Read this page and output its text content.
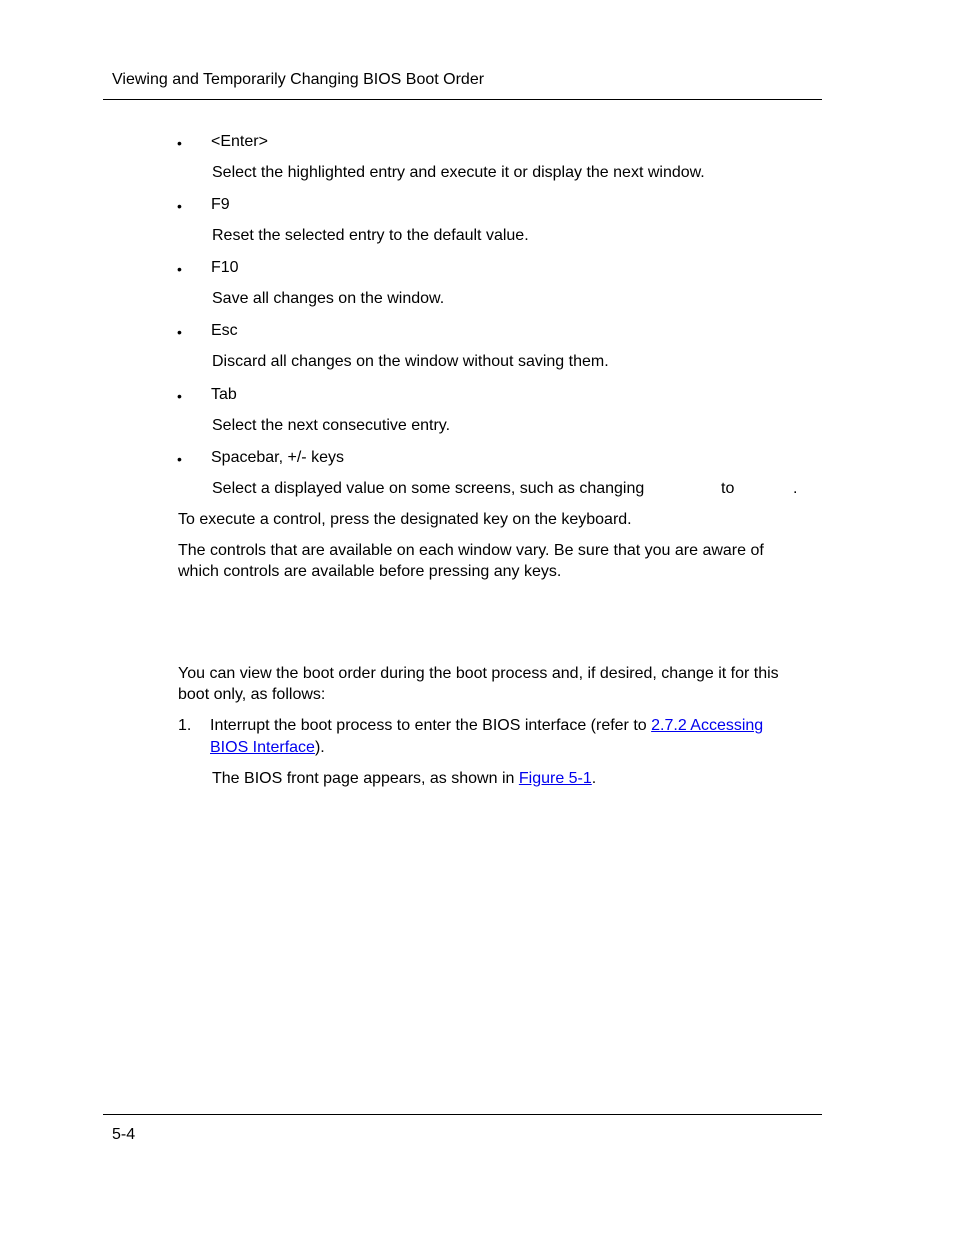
Viewing and Temporarily Changing BIOS Boot Order
• <Enter>
Select the highlighted entry and execute it or display the next window.
• F9
Reset the selected entry to the default value.
• F10
Save all changes on the window.
• Esc
Discard all changes on the window without saving them.
• Tab
Select the next consecutive entry.
• Spacebar, +/- keys
Select a displayed value on some screens, such as changing	to	.
To execute a control, press the designated key on the keyboard.
The controls that are available on each window vary. Be sure that you are aware of
which controls are available before pressing any keys.
You can view the boot order during the boot process and, if desired, change it for this
boot only, as follows:
1. Interrupt the boot process to enter the BIOS interface (refer to 2.7.2 Accessing
BIOS Interface).
The BIOS front page appears, as shown in Figure 5-1.
5-4
